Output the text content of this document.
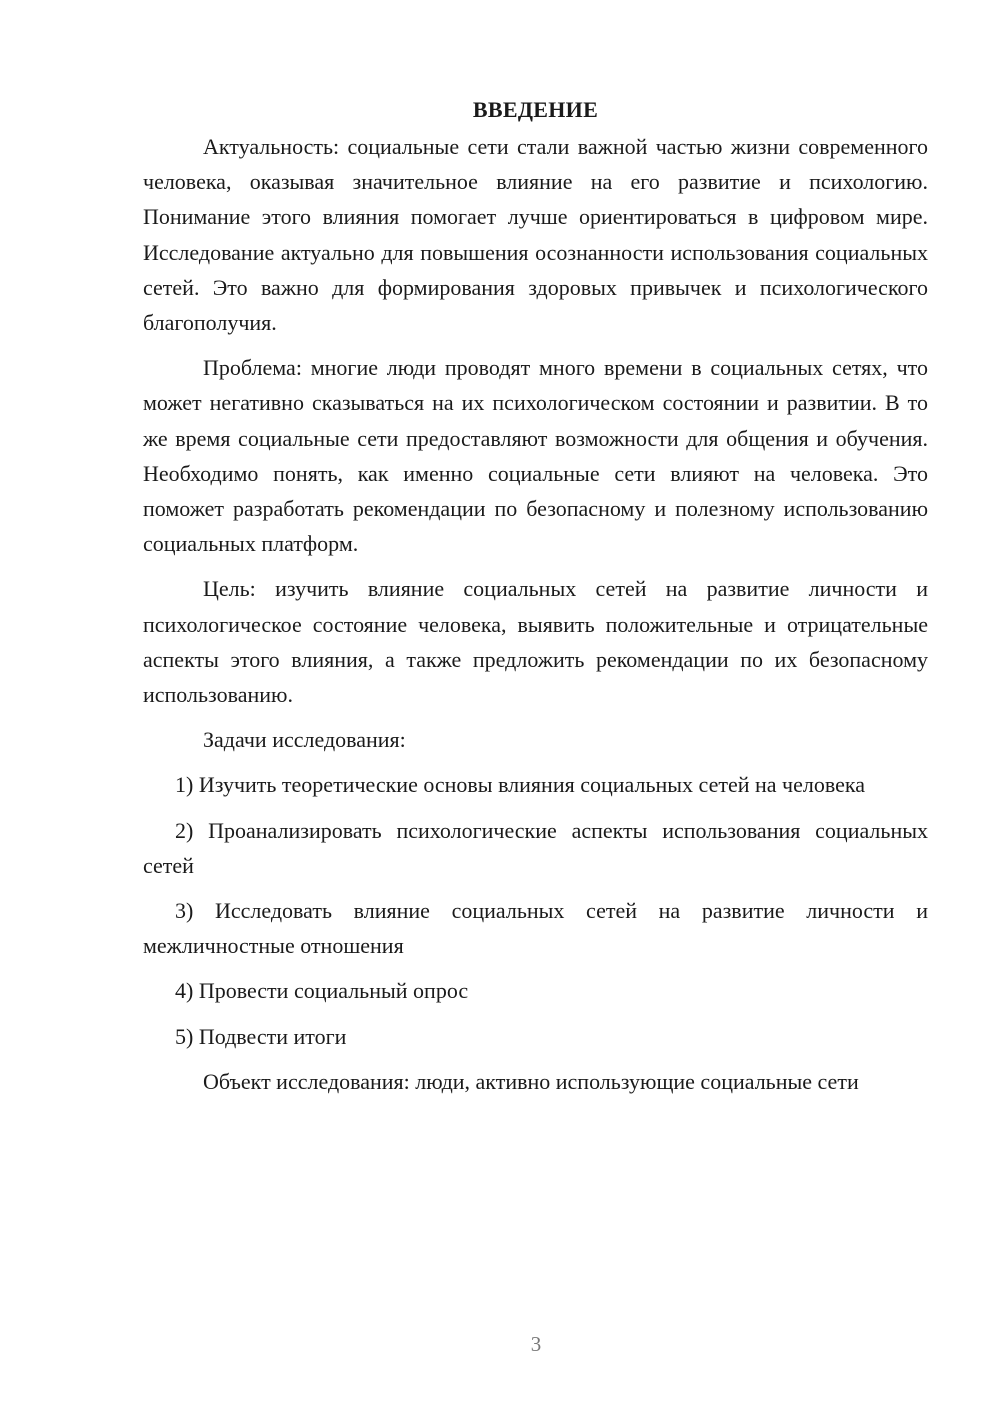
ВВЕДЕНИЕ

Актуальность: социальные сети стали важной частью жизни современного человека, оказывая значительное влияние на его развитие и психологию. Понимание этого влияния помогает лучше ориентироваться в цифровом мире. Исследование актуально для повышения осознанности использования социальных сетей. Это важно для формирования здоровых привычек и психологического благополучия.

Проблема: многие люди проводят много времени в социальных сетях, что может негативно сказываться на их психологическом состоянии и развитии. В то же время социальные сети предоставляют возможности для общения и обучения. Необходимо понять, как именно социальные сети влияют на человека. Это поможет разработать рекомендации по безопасному и полезному использованию социальных платформ.

Цель: изучить влияние социальных сетей на развитие личности и психологическое состояние человека, выявить положительные и отрицательные аспекты этого влияния, а также предложить рекомендации по их безопасному использованию.

Задачи исследования:

1) Изучить теоретические основы влияния социальных сетей на человека

2) Проанализировать психологические аспекты использования социальных сетей

3) Исследовать влияние социальных сетей на развитие личности и межличностные отношения

4) Провести социальный опрос

5) Подвести итоги

Объект исследования: люди, активно использующие социальные сети

3
